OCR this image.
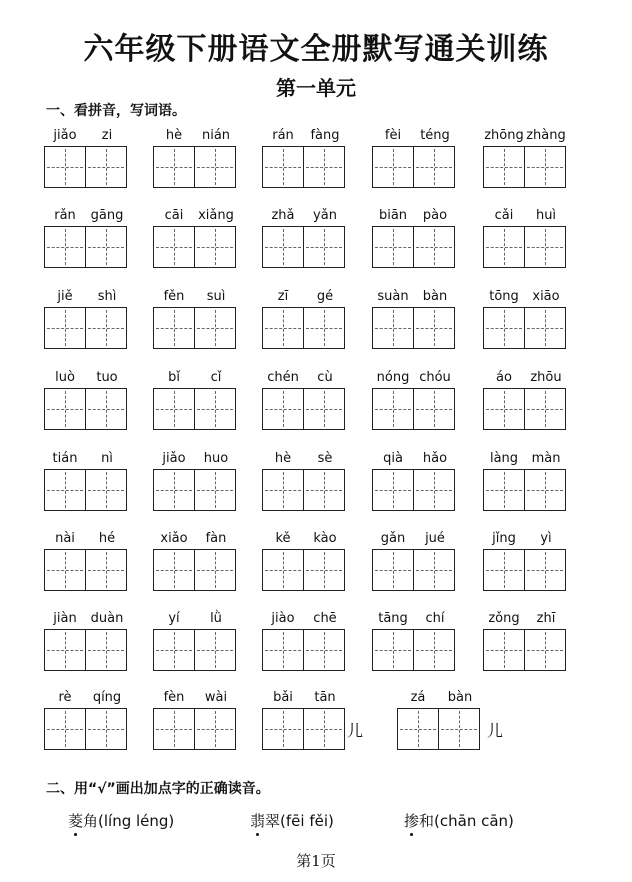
六年级下册语文全册默写通关训练
第一单元
一、看拼音，写词语。
jiǎo	zi	hè	nián	rán	fàng	fèi	téng	zhōng zhàng
rǎn	gāng	cāi	xiǎng	zhǎ	yǎn	biān	pào	cǎi	huì
jiě	shì	fěn	suì	zī	gé	suàn	bàn	tōng	xiāo
luò	tuo	bǐ	cǐ	chén	cù	nóng chóu	áo	zhōu
tián	nì	jiǎo	huo	hè	sè	qià	hǎo	làng	màn
nài	hé	xiǎo	fàn	kě	kào	gǎn	jué	jǐng	yì
jiàn	duàn	yí	lǜ	jiào	chē	tāng	chí	zǒng	zhī
rè	qíng	fèn	wài	bǎi	tān	zá	bàn
儿	儿
二、用“√”画出加点字的正确读音。
菱角(líng léng)	翡翠(fēi fěi)	掺和(chān cān)
第1页
